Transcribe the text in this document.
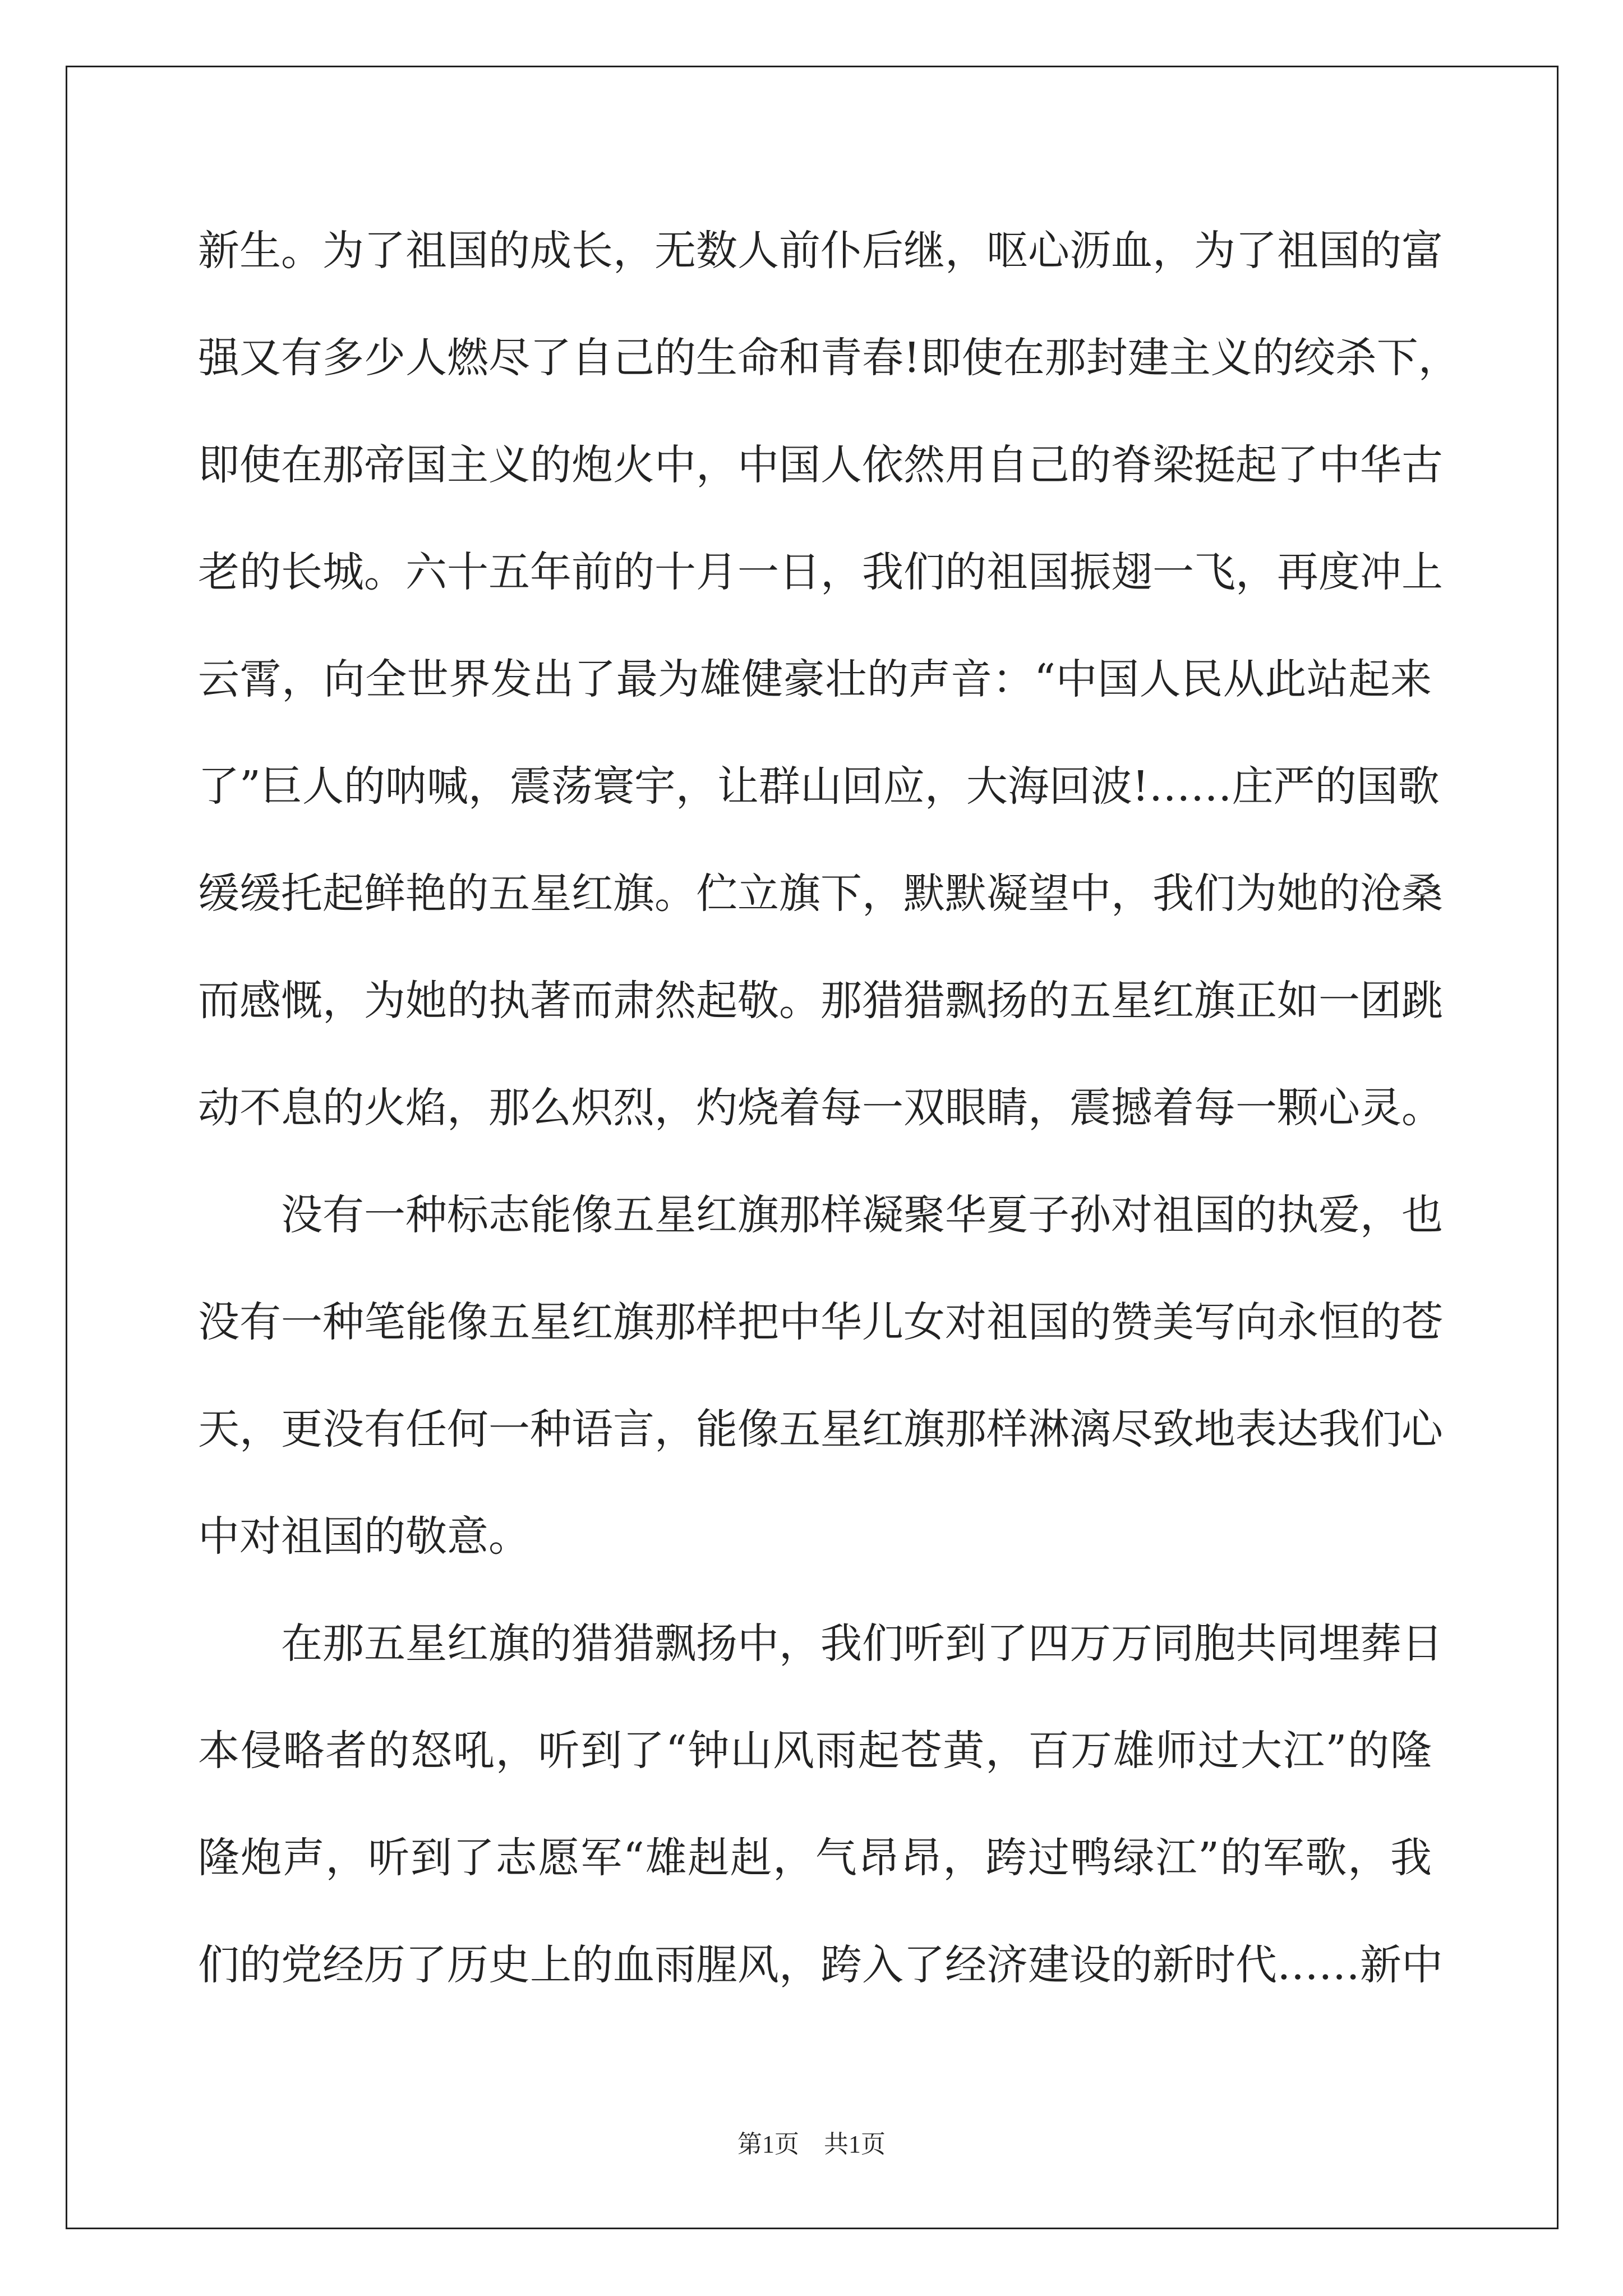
新生。为了祖国的成长，无数人前仆后继，呕心沥血，为了祖国的富
强又有多少人燃尽了自己的生命和青春!即使在那封建主义的绞杀下，
即使在那帝国主义的炮火中，中国人依然用自己的脊梁挺起了中华古
老的长城。六十五年前的十月一日，我们的祖国振翅一飞，再度冲上
云霄，向全世界发出了最为雄健豪壮的声音：“中国人民从此站起来
了”巨人的呐喊，震荡寰宇，让群山回应，大海回波!……庄严的国歌
缓缓托起鲜艳的五星红旗。伫立旗下，默默凝望中，我们为她的沧桑
而感慨，为她的执著而肃然起敬。那猎猎飘扬的五星红旗正如一团跳
动不息的火焰，那么炽烈，灼烧着每一双眼睛，震撼着每一颗心灵。
没有一种标志能像五星红旗那样凝聚华夏子孙对祖国的执爱，也
没有一种笔能像五星红旗那样把中华儿女对祖国的赞美写向永恒的苍
天，更没有任何一种语言，能像五星红旗那样淋漓尽致地表达我们心
中对祖国的敬意。
在那五星红旗的猎猎飘扬中，我们听到了四万万同胞共同埋葬日
本侵略者的怒吼，听到了“钟山风雨起苍黄，百万雄师过大江”的隆
隆炮声，听到了志愿军“雄赳赳，气昂昂，跨过鸭绿江”的军歌，我
们的党经历了历史上的血雨腥风，跨入了经济建设的新时代……新中
第1页　共1页
